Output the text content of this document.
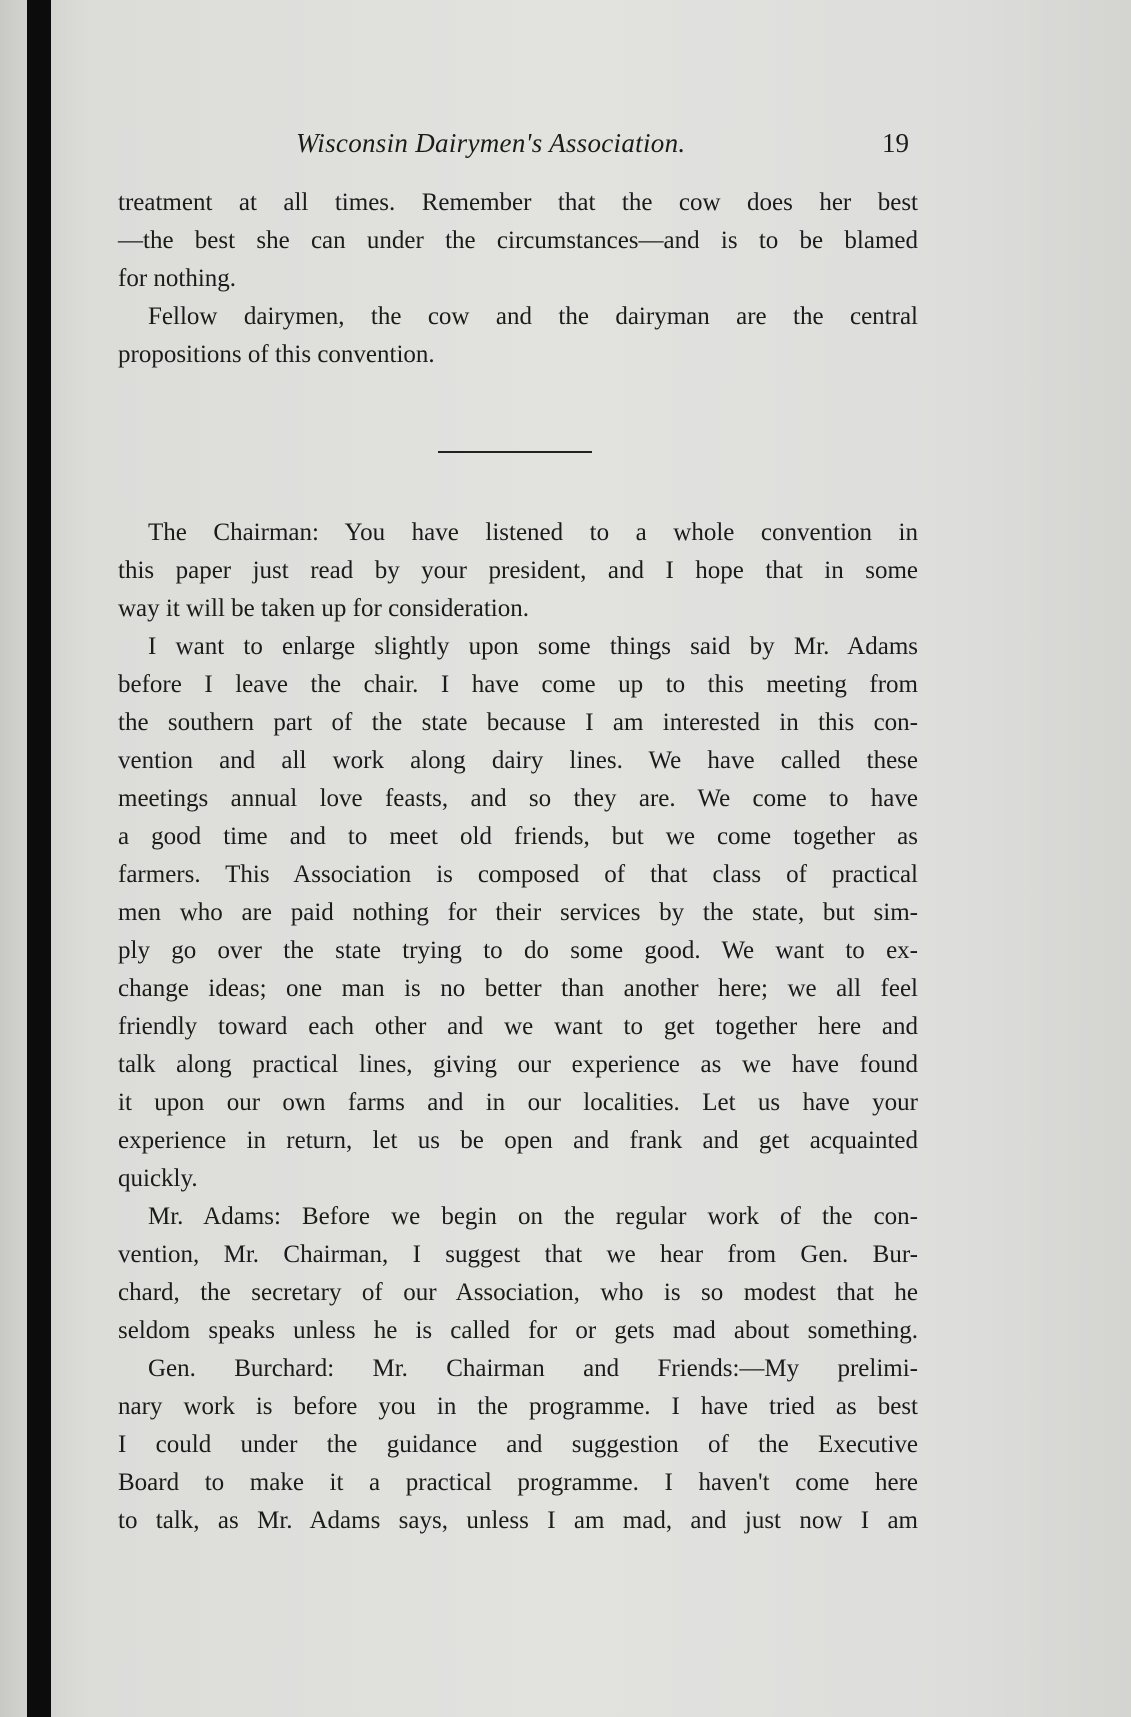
Wisconsin Dairymen's Association.	19
treatment at all times. Remember that the cow does her best
—the best she can under the circumstances—and is to be blamed
for nothing.
Fellow dairymen, the cow and the dairyman are the central
propositions of this convention.
The Chairman: You have listened to a whole convention in
this paper just read by your president, and I hope that in some
way it will be taken up for consideration.
I want to enlarge slightly upon some things said by Mr. Adams
before I leave the chair. I have come up to this meeting from
the southern part of the state because I am interested in this con-
vention and all work along dairy lines. We have called these
meetings annual love feasts, and so they are. We come to have
a good time and to meet old friends, but we come together as
farmers. This Association is composed of that class of practical
men who are paid nothing for their services by the state, but sim-
ply go over the state trying to do some good. We want to ex-
change ideas; one man is no better than another here; we all feel
friendly toward each other and we want to get together here and
talk along practical lines, giving our experience as we have found
it upon our own farms and in our localities. Let us have your
experience in return, let us be open and frank and get acquainted
quickly.
Mr. Adams: Before we begin on the regular work of the con-
vention, Mr. Chairman, I suggest that we hear from Gen. Bur-
chard, the secretary of our Association, who is so modest that he
seldom speaks unless he is called for or gets mad about something.
Gen. Burchard: Mr. Chairman and Friends:—My prelimi-
nary work is before you in the programme. I have tried as best
I could under the guidance and suggestion of the Executive
Board to make it a practical programme. I haven't come here
to talk, as Mr. Adams says, unless I am mad, and just now I am
